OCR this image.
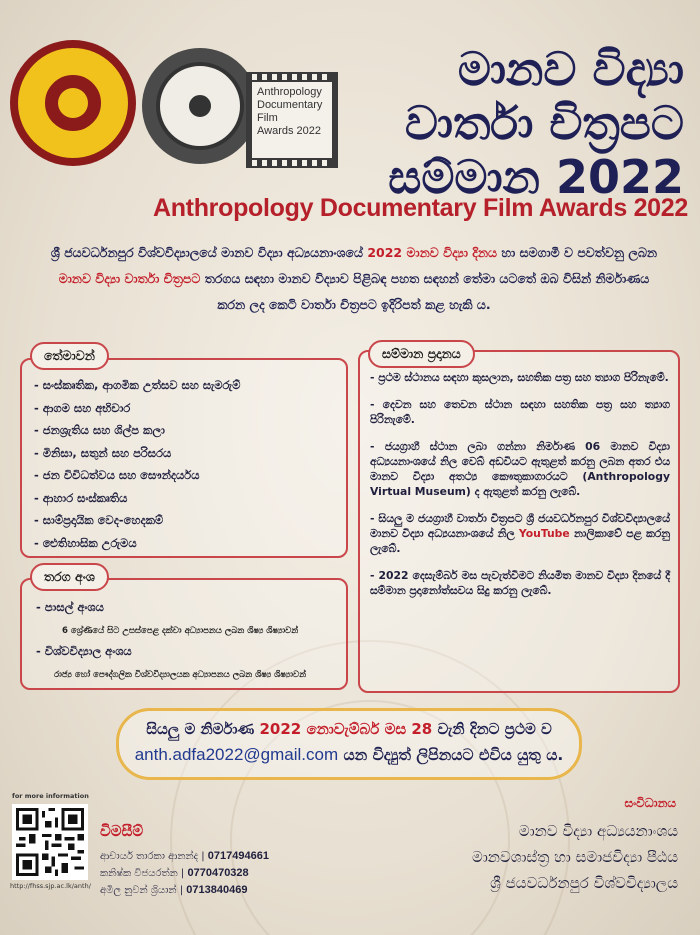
Anthropology
Documentary
Film
Awards 2022
මානව විද්‍යා
වාර්තා චිත්‍රපට
සම්මාන 2022
Anthropology Documentary Film Awards 2022
ශ්‍රී ජයවර්ධනපුර විශ්වවිද්‍යාලයේ මානව විද්‍යා අධ්‍යයනාංශයේ 2022 මානව විද්‍යා දිනය හා සමගාමී ව පවත්වනු ලබන මානව විද්‍යා වාර්තා චිත්‍රපට තරගය සඳහා මානව විද්‍යාව පිළිබඳ පහත සඳහන් තේමා යටතේ ඔබ විසින් නිර්මාණය කරන ලද කෙටි වාර්තා චිත්‍රපට ඉදිරිපත් කළ හැකි ය.
- සංස්කෘතික, ආගමික උත්සව සහ සැමරුම්
- ආගම සහ අභිචාර
- ජනශ්‍රැතිය සහ ශිල්ප කලා
- මිනිසා, සතුන් සහ පරිසරය
- ජන විවිධත්වය සහ සෞන්දර්යය
- ආහාර සංස්කෘතිය
- සාම්ප්‍රදායික වෙද-හෙදකම්
- ඓතිහාසික උරුමය
තේමාවන්
- පාසල් අංශය
6 ශ්‍රේණියේ සිට උසස්පෙළ දක්වා අධ්‍යාපනය ලබන ශිෂ්‍ය ශිෂ්‍යාවන්
- විශ්වවිද්‍යාල අංශය
රාජ්‍ය හෝ පෞද්ගලික විශ්වවිද්‍යාලයක අධ්‍යාපනය ලබන ශිෂ්‍ය ශිෂ්‍යාවන්
තරග අංශ
- ප්‍රථම ස්ථානය සඳහා කුසලාන, සහතික පත්‍ර සහ ත්‍යාග පිරිනැමේ.
- දෙවන සහ තෙවන ස්ථාන සඳහා සහතික පත්‍ර සහ ත්‍යාග පිරිනැමේ.
- ජයග්‍රාහී ස්ථාන ලබා ගන්නා නිර්මාණ 06 මානව විද්‍යා අධ්‍යයනාංශයේ නිල වෙබ් අඩවියට ඇතුළත් කරනු ලබන අතර එය මානව විද්‍යා අතථ්‍ය කෞතුකාගාරයට (Anthropology Virtual Museum) ද ඇතුළත් කරනු ලැබේ.
- සියලු ම ජයග්‍රාහී වාර්තා චිත්‍රපට ශ්‍රී ජයවර්ධනපුර විශ්වවිද්‍යාලයේ මානව විද්‍යා අධ්‍යයනාංශයේ නිල YouTube නාලිකාවේ පළ කරනු ලැබේ.
- 2022 දෙසැම්බර් මස පැවැත්වීමට නියමිත මානව විද්‍යා දිනයේ දී සම්මාන ප්‍රදානෝත්සවය සිදු කරනු ලැබේ.
සම්මාන ප්‍රදානය
සියලු ම නිර්මාණ 2022 නොවැම්බර් මස 28 වැනි දිනට ප්‍රථම ව
anth.adfa2022@gmail.com යන විද්‍යුත් ලිපිනයට එවිය යුතු ය.
for more information
http://fhss.sjp.ac.lk/anth/
විමසීම්
ආචාර්ය තාරකා ආනන්ද | 0717494661
කනිෂ්ක විජයරත්න | 0770470328
අමිල නුවන් ශ්‍රියාන් | 0713840469
සංවිධානය
මානව විද්‍යා අධ්‍යයනාංශය
මානවශාස්ත්‍ර හා සමාජවිද්‍යා පීඨය
ශ්‍රී ජයවර්ධනපුර විශ්වවිද්‍යාලය
